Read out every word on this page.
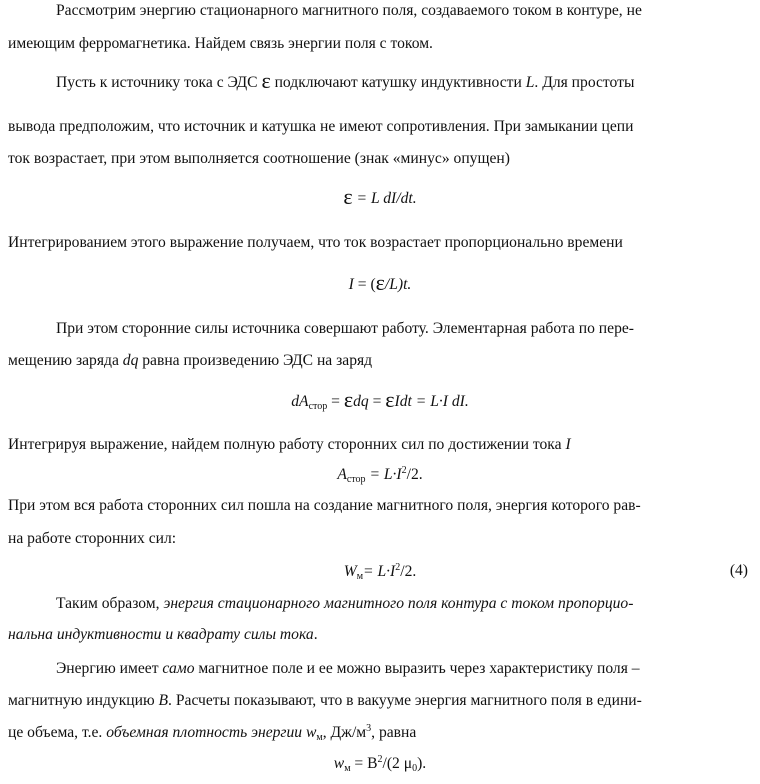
Рассмотрим энергию стационарного магнитного поля, создаваемого током в контуре, не
имеющим ферромагнетика. Найдем связь энергии поля с током.
Пусть к источнику тока с ЭДС ε подключают катушку индуктивности L. Для простоты
вывода предположим, что источник и катушка не имеют сопротивления. При замыкании цепи
ток возрастает, при этом выполняется соотношение (знак «минус» опущен)
ε = L dI/dt.
Интегрированием этого выражение получаем, что ток возрастает пропорционально времени
I = (ε/L)t.
При этом сторонние силы источника совершают работу. Элементарная работа по пере-
мещению заряда dq равна произведению ЭДС на заряд
$dA_{стор} = \varepsilon dq = \varepsilon Idt = L\cdot I$ dI.
Интегрируя выражение, найдем полную работу сторонних сил по достижении тока I
$A_{стор} = L\cdot I^2/2$.
При этом вся работа сторонних сил пошла на создание магнитного поля, энергия которого рав-
на работе сторонних сил:
$W_м= L\cdot I^2/2$.	(4)
Таким образом, энергия стационарного магнитного поля контура с током пропорцио-
нальна индуктивности и квадрату силы тока.
Энергию имеет само магнитное поле и ее можно выразить через характеристику поля –
магнитную индукцию B. Расчеты показывают, что в вакууме энергия магнитного поля в едини-
це объема, т.е. объемная плотность энергии $w_м$, $Дж/м^3$, равна
$w_м = B^2/(2$ $\mu_0$).
